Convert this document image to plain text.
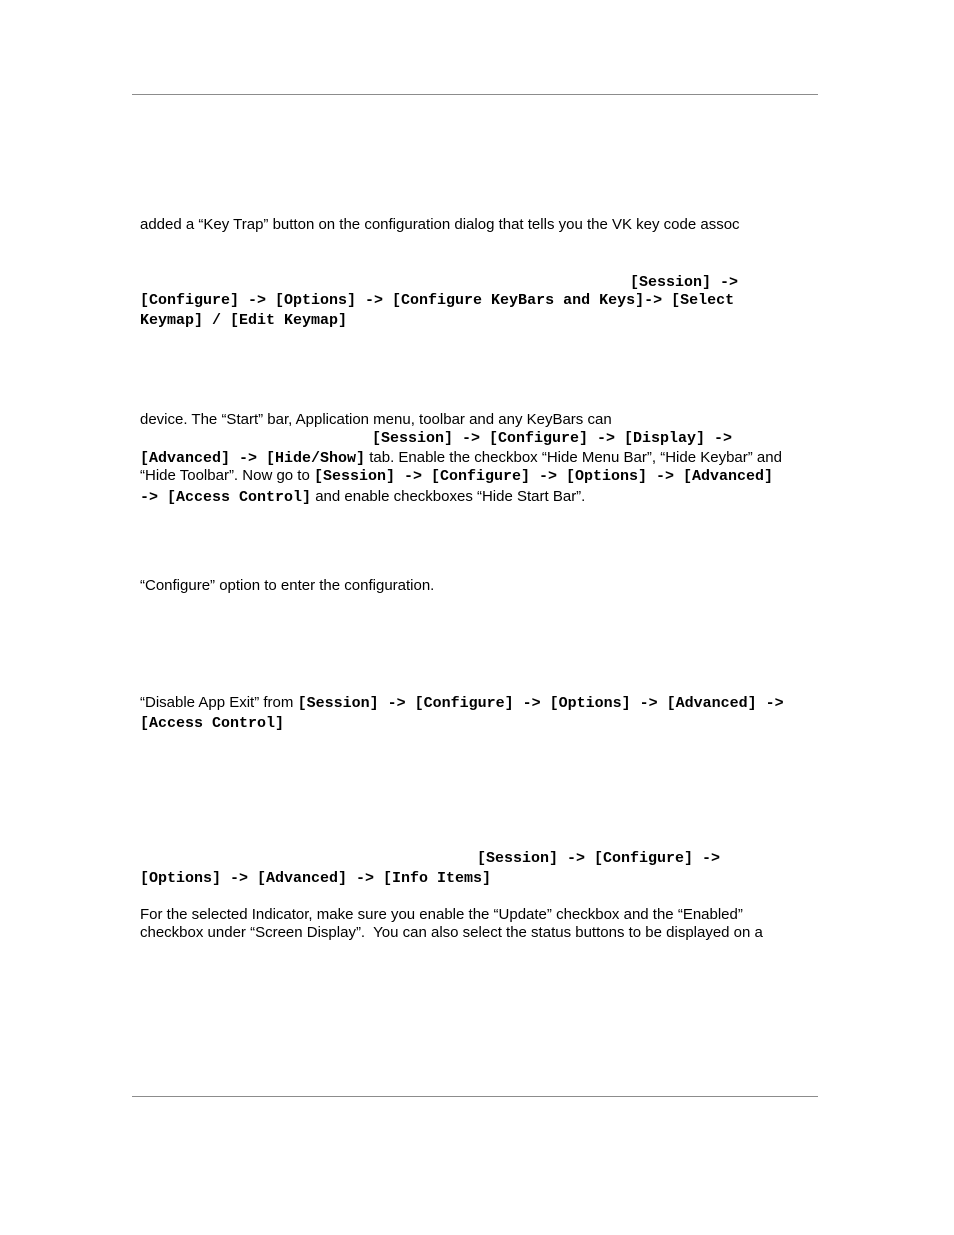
added a “Key Trap” button on the configuration dialog that tells you the VK key code assoc
[Session] ->
[Configure] -> [Options] -> [Configure KeyBars and Keys]-> [Select
Keymap] / [Edit Keymap]
device. The “Start” bar, Application menu, toolbar and any KeyBars can
[Session] -> [Configure] -> [Display] ->
[Advanced] -> [Hide/Show] tab. Enable the checkbox “Hide Menu Bar”, “Hide Keybar” and
“Hide Toolbar”. Now go to [Session] -> [Configure] -> [Options] -> [Advanced]
-> [Access Control] and enable checkboxes “Hide Start Bar”.
“Configure” option to enter the configuration.
“Disable App Exit” from [Session] -> [Configure] -> [Options] -> [Advanced] ->
[Access Control]
[Session] -> [Configure] ->
[Options] -> [Advanced] -> [Info Items]
For the selected Indicator, make sure you enable the “Update” checkbox and the “Enabled”
checkbox under “Screen Display”.  You can also select the status buttons to be displayed on a
